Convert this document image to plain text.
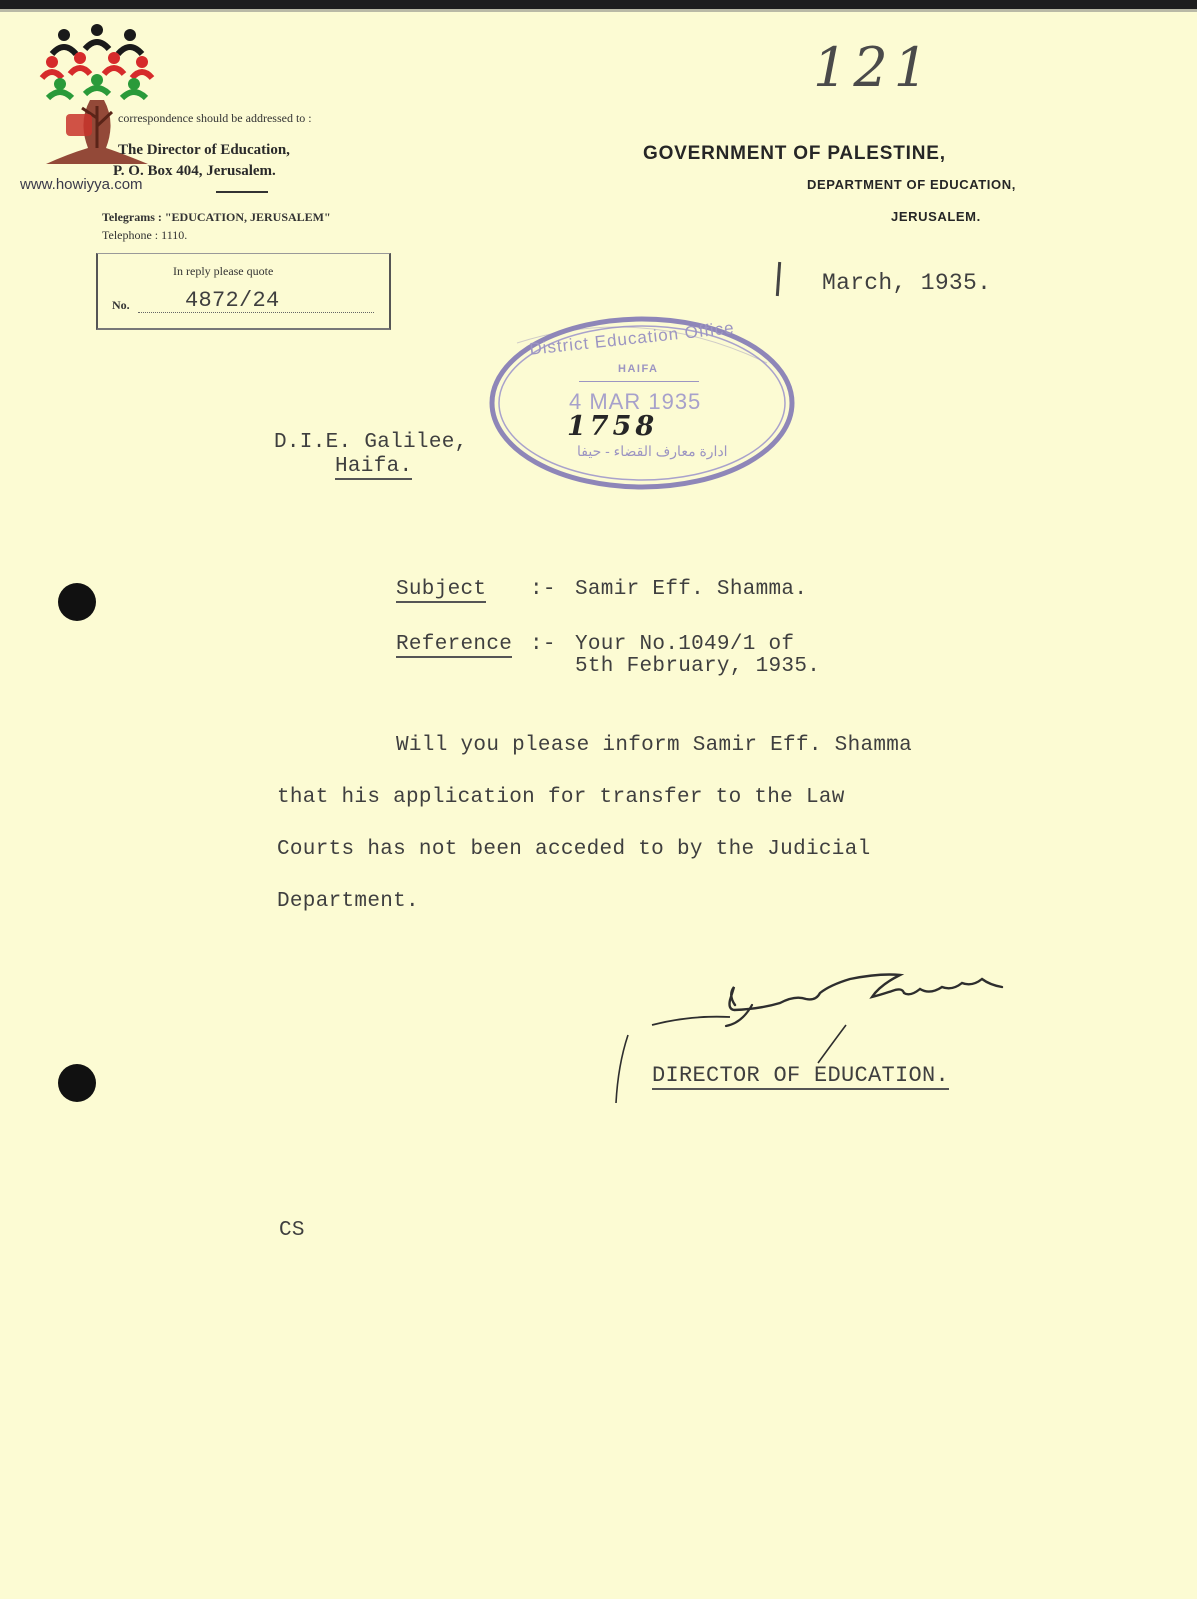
www.howiyya.com
correspondence should be addressed to :
The Director of Education,
P. O. Box 404, Jerusalem.
Telegrams : "EDUCATION, JERUSALEM"
Telephone : 1110.
In reply please quote
No.	4872/24
GOVERNMENT OF PALESTINE,
DEPARTMENT OF EDUCATION,
JERUSALEM.
121
March, 1935.
District Education Office
HAIFA
4 MAR 1935
1758
ادارة معارف القضاء - حيفا
D.I.E. Galilee,
Haifa.
Subject :- Samir Eff. Shamma.
Reference :- Your No.1049/1 of
5th February, 1935.
Will you please inform Samir Eff. Shamma
that his application for transfer to the Law
Courts has not been acceded to by the Judicial
Department.
DIRECTOR OF EDUCATION.
CS
